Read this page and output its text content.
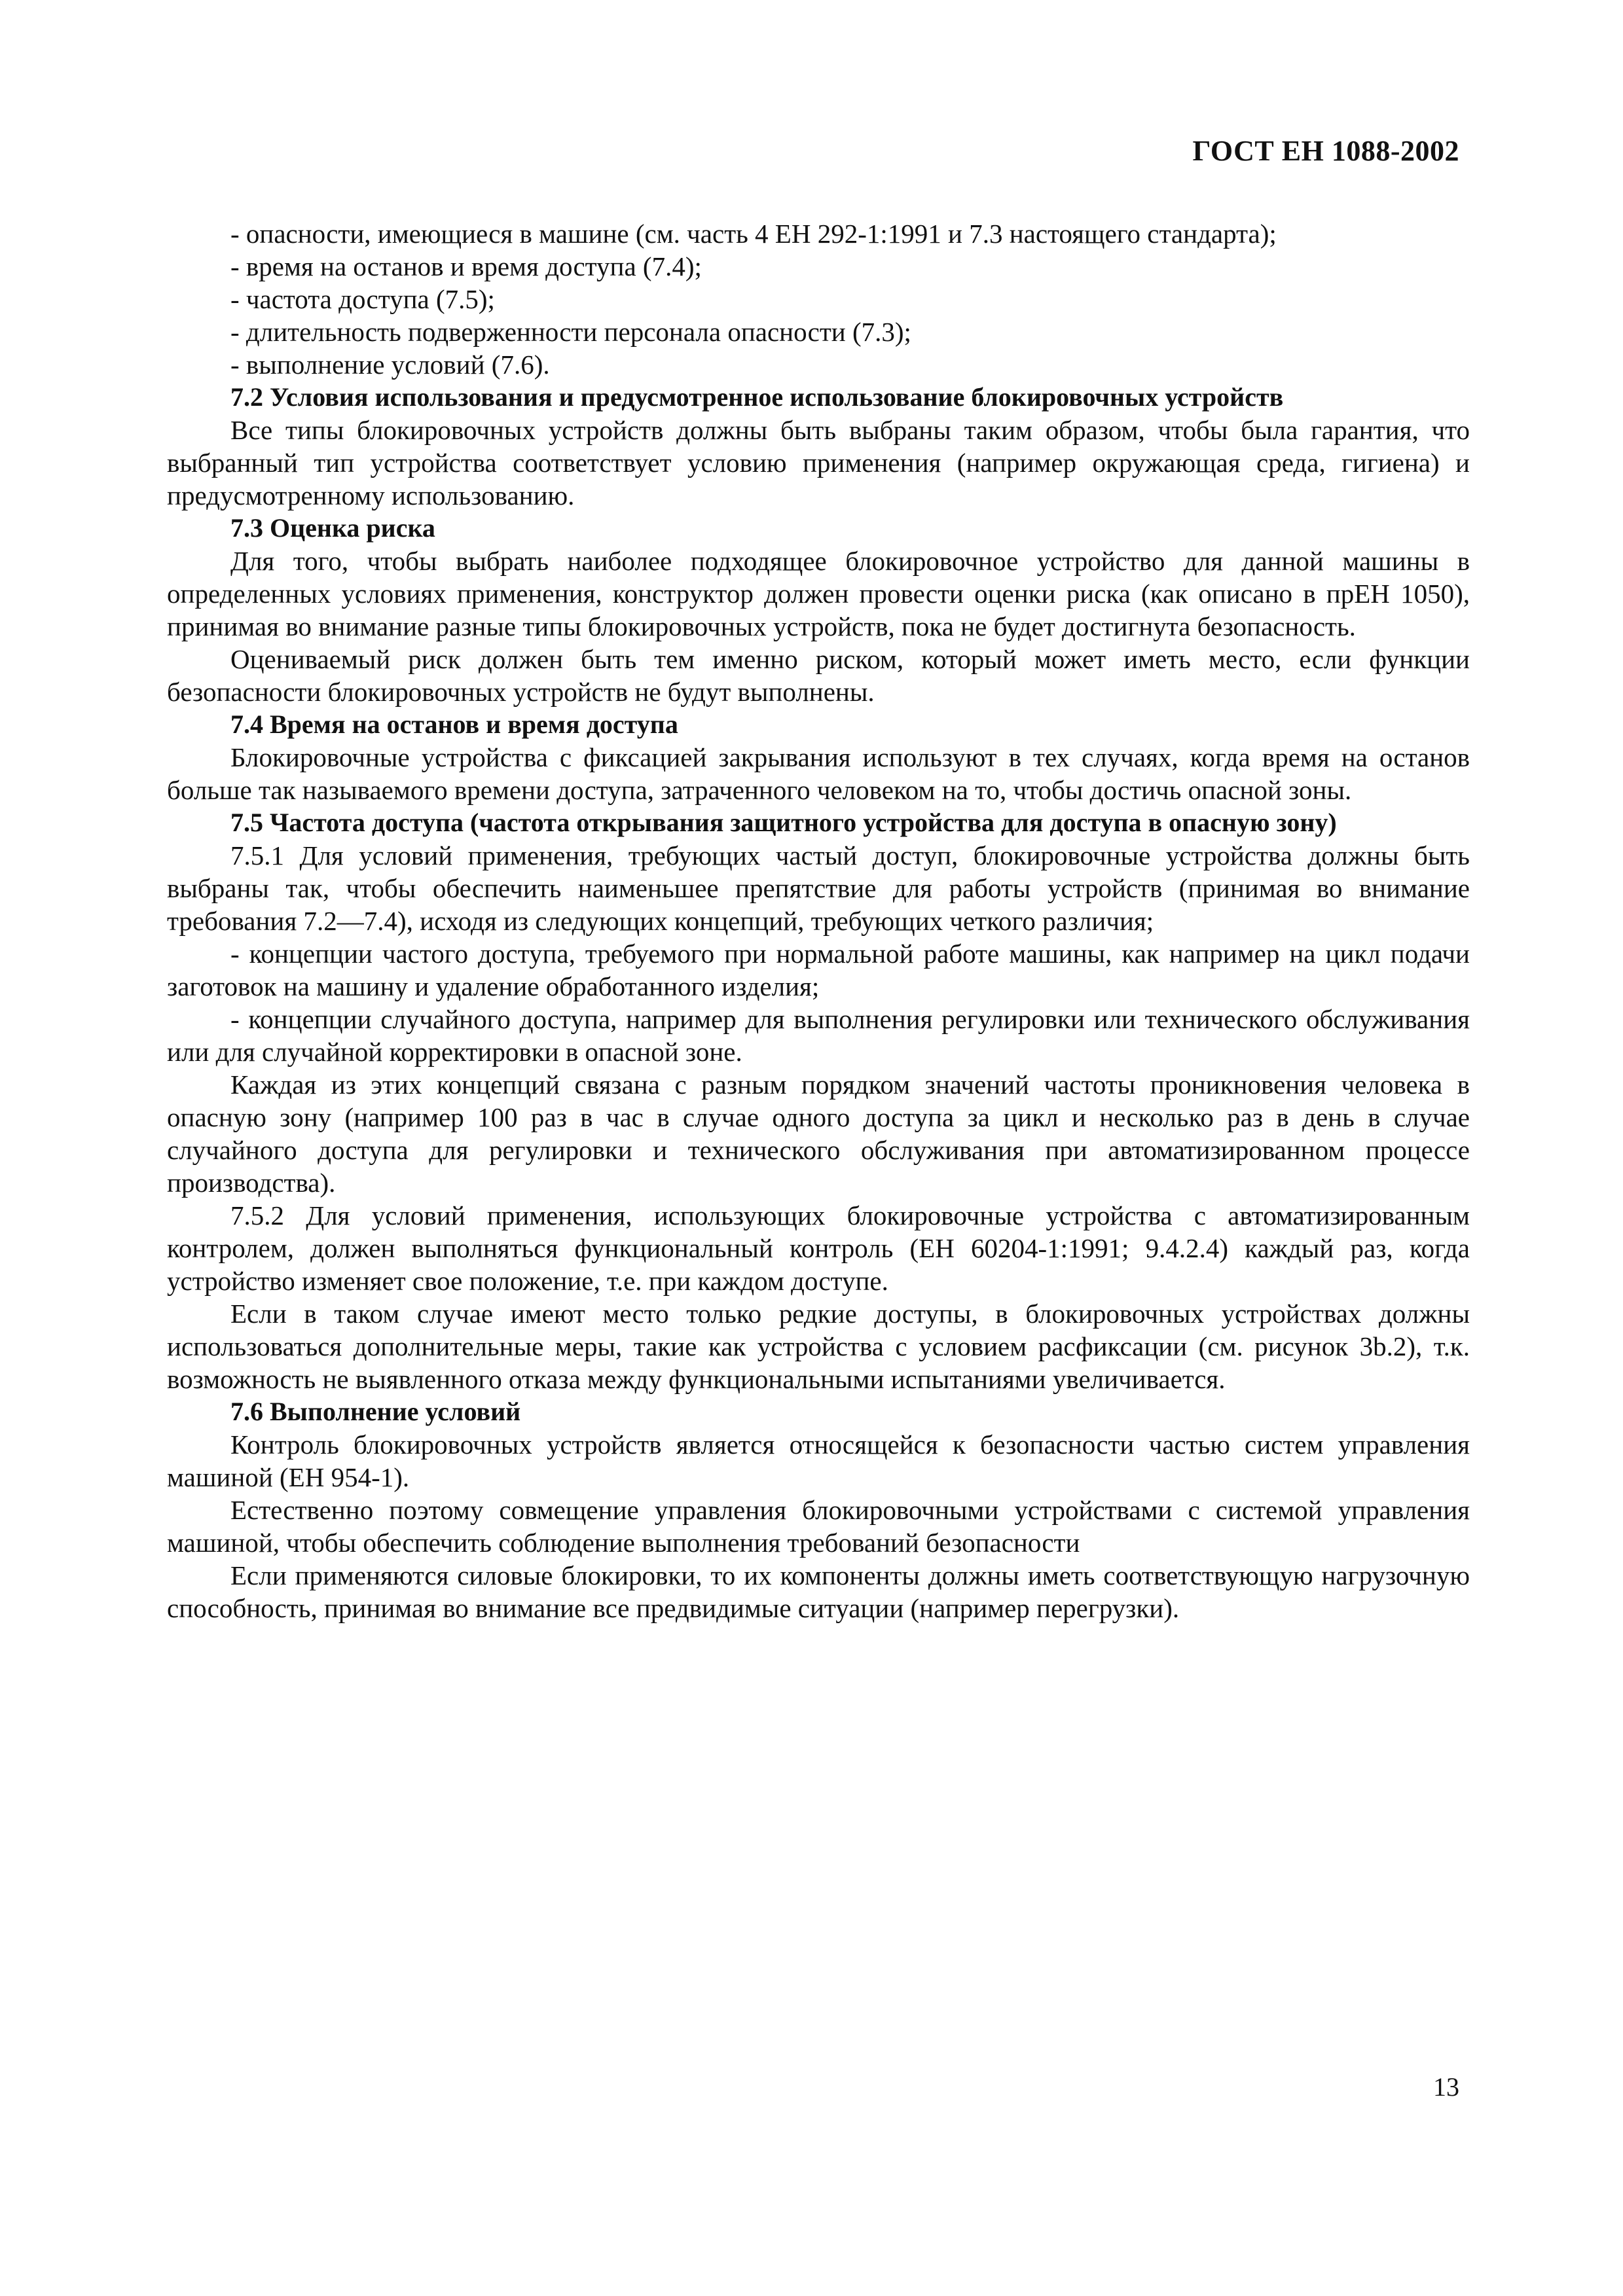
ГОСТ ЕН 1088-2002

- опасности, имеющиеся в машине (см. часть 4 ЕН 292-1:1991 и 7.3 настоящего стандарта);

- время на останов и время доступа (7.4);

- частота доступа (7.5);

- длительность подверженности персонала опасности (7.3);

- выполнение условий (7.6).

7.2 Условия использования и предусмотренное использование блокировочных устройств

Все типы блокировочных устройств должны быть выбраны таким образом, чтобы была гарантия, что выбранный тип устройства соответствует условию применения (например окружающая среда, гигиена) и предусмотренному использованию.

7.3 Оценка риска

Для того, чтобы выбрать наиболее подходящее блокировочное устройство для данной машины в определенных условиях применения, конструктор должен провести оценки риска (как описано в прЕН 1050), принимая во внимание разные типы блокировочных устройств, пока не будет достигнута безопасность.

Оцениваемый риск должен быть тем именно риском, который может иметь место, если функции безопасности блокировочных устройств не будут выполнены.

7.4 Время на останов и время доступа

Блокировочные устройства с фиксацией закрывания используют в тех случаях, когда время на останов больше так называемого времени доступа, затраченного человеком на то, чтобы достичь опасной зоны.

7.5 Частота доступа (частота открывания защитного устройства для доступа в опасную зону)

7.5.1 Для условий применения, требующих частый доступ, блокировочные устройства должны быть выбраны так, чтобы обеспечить наименьшее препятствие для работы устройств (принимая во внимание требования 7.2—7.4), исходя из следующих концепций, требующих четкого различия;

- концепции частого доступа, требуемого при нормальной работе машины, как например на цикл подачи заготовок на машину и удаление обработанного изделия;

- концепции случайного доступа, например для выполнения регулировки или технического обслуживания или для случайной корректировки в опасной зоне.

Каждая из этих концепций связана с разным порядком значений частоты проникновения человека в опасную зону (например 100 раз в час в случае одного доступа за цикл и несколько раз в день в случае случайного доступа для регулировки и технического обслуживания при автоматизированном процессе производства).

7.5.2 Для условий применения, использующих блокировочные устройства с автоматизированным контролем, должен выполняться функциональный контроль (ЕН 60204-1:1991; 9.4.2.4) каждый раз, когда устройство изменяет свое положение, т.е. при каждом доступе.

Если в таком случае имеют место только редкие доступы, в блокировочных устройствах должны использоваться дополнительные меры, такие как устройства с условием расфиксации (см. рисунок 3b.2), т.к. возможность не выявленного отказа между функциональными испытаниями увеличивается.

7.6 Выполнение условий

Контроль блокировочных устройств является относящейся к безопасности частью систем управления машиной (ЕН 954-1).

Естественно поэтому совмещение управления блокировочными устройствами с системой управления машиной, чтобы обеспечить соблюдение выполнения требований безопасности

Если применяются силовые блокировки, то их компоненты должны иметь соответствующую нагрузочную способность, принимая во внимание все предвидимые ситуации (например перегрузки).

13
